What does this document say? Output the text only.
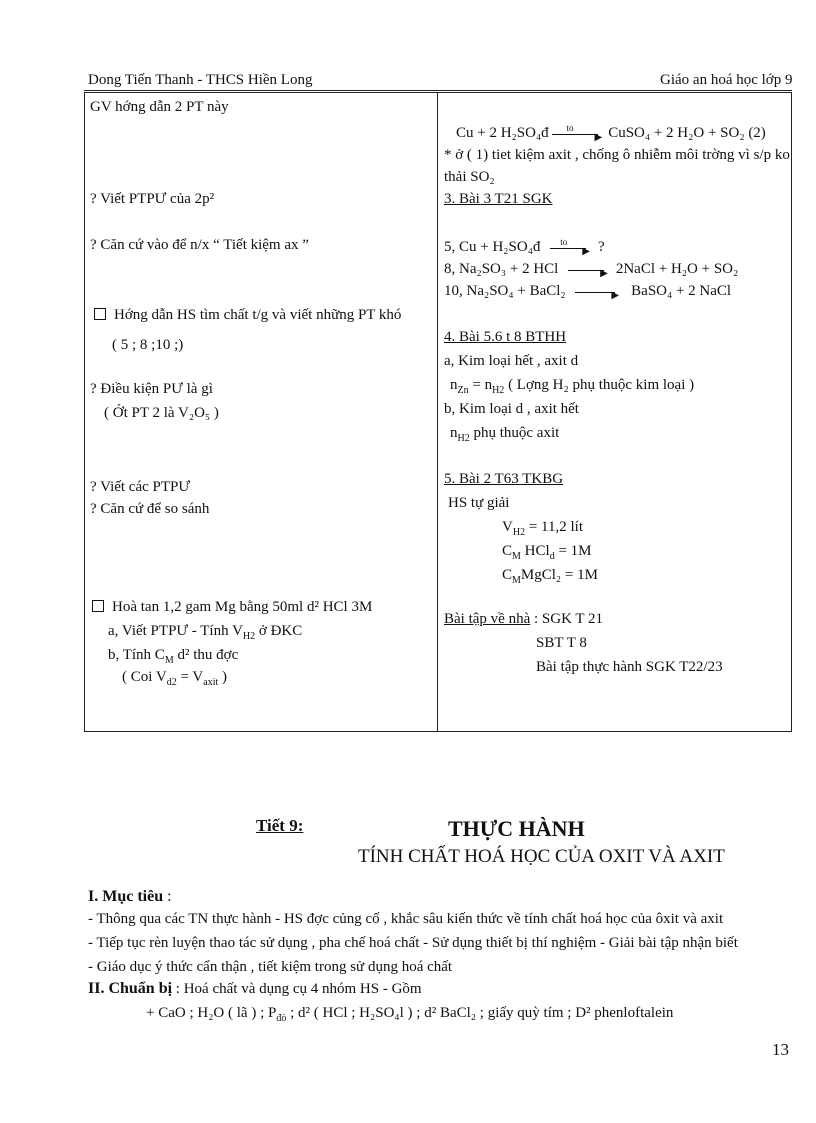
Dong Tiến Thanh - THCS Hiền Long	Giáo an hoá học lớp 9
GV hớng dẫn 2 PT này
? Viết PTPƯ của 2p²
? Căn cứ vào để n/x “ Tiết kiệm ax ”
Hớng dẫn HS tìm chất t/g và viết những PT khó
( 5 ; 8 ;10 ;)
? Điều kiện PƯ là gì
( Ớt PT 2 là V₂O₅ )
? Viết các PTPƯ
? Căn cứ để so sánh
Hoà tan 1,2 gam Mg bằng 50ml d² HCl 3M
a, Viết PTPƯ - Tính $V_{H2}$ ở ĐKC
b, Tính $C_M$ d² thu đợc
( Coi $V_{d2} = V_{axit}$ )
Cu + 2 H₂SO₄đ to
▶ CuSO₄ + 2 H₂O + SO₂ (2)
* ở ( 1) tiet kiệm axit , chống ô nhiễm môi trờng vì s/p ko
thải SO₂
3. Bài 3 T21 SGK
5, Cu + H₂SO₄đ to
▶ ?
8, Na₂SO₃ + 2 HCl	▶ 2NaCl + H₂O + SO₂
10, Na₂SO₄ + BaCl₂	▶ BaSO₄ + 2 NaCl
4. Bài 5.6 t 8 BTHH
a, Kim loại hết , axit d
$n_{Zn} = n_{H2}$ ( Lợng H₂ phụ thuộc kim loại )
b, Kim loại d , axit hết
$n_{H2}$ phụ thuộc axit
5. Bài 2 T63 TKBG
HS tự giải
$V_{H2} = 11,2$ lít
$C_M$ HCl$_d$ = 1M
$C_MMgCl_2 = 1M$
Bài tập về nhà : SGK T 21
SBT T 8
Bài tập thực hành SGK T22/23
Tiết 9:	THỰC HÀNH
TÍNH CHẤT HOÁ HỌC CỦA OXIT VÀ AXIT
I. Mục tiêu :
- Thông qua các TN thực hành - HS đợc củng cố , khắc sâu kiến thức về tính chất hoá học của ôxit và axit
- Tiếp tục rèn luyện thao tác sử dụng , pha chế hoá chất - Sử dụng thiết bị thí nghiệm - Giải bài tập nhận biết
- Giáo dục ý thức cẩn thận , tiết kiệm trong sử dụng hoá chất
II. Chuẩn bị : Hoá chất và dụng cụ 4 nhóm HS - Gồm
+ CaO ; H₂O ( lã ) ; $P_{đỏ}$ ; d² ( HCl ; H₂SO₄l ) ; d² BaCl₂ ; giấy quỳ tím ; D² phenloftalein
13
